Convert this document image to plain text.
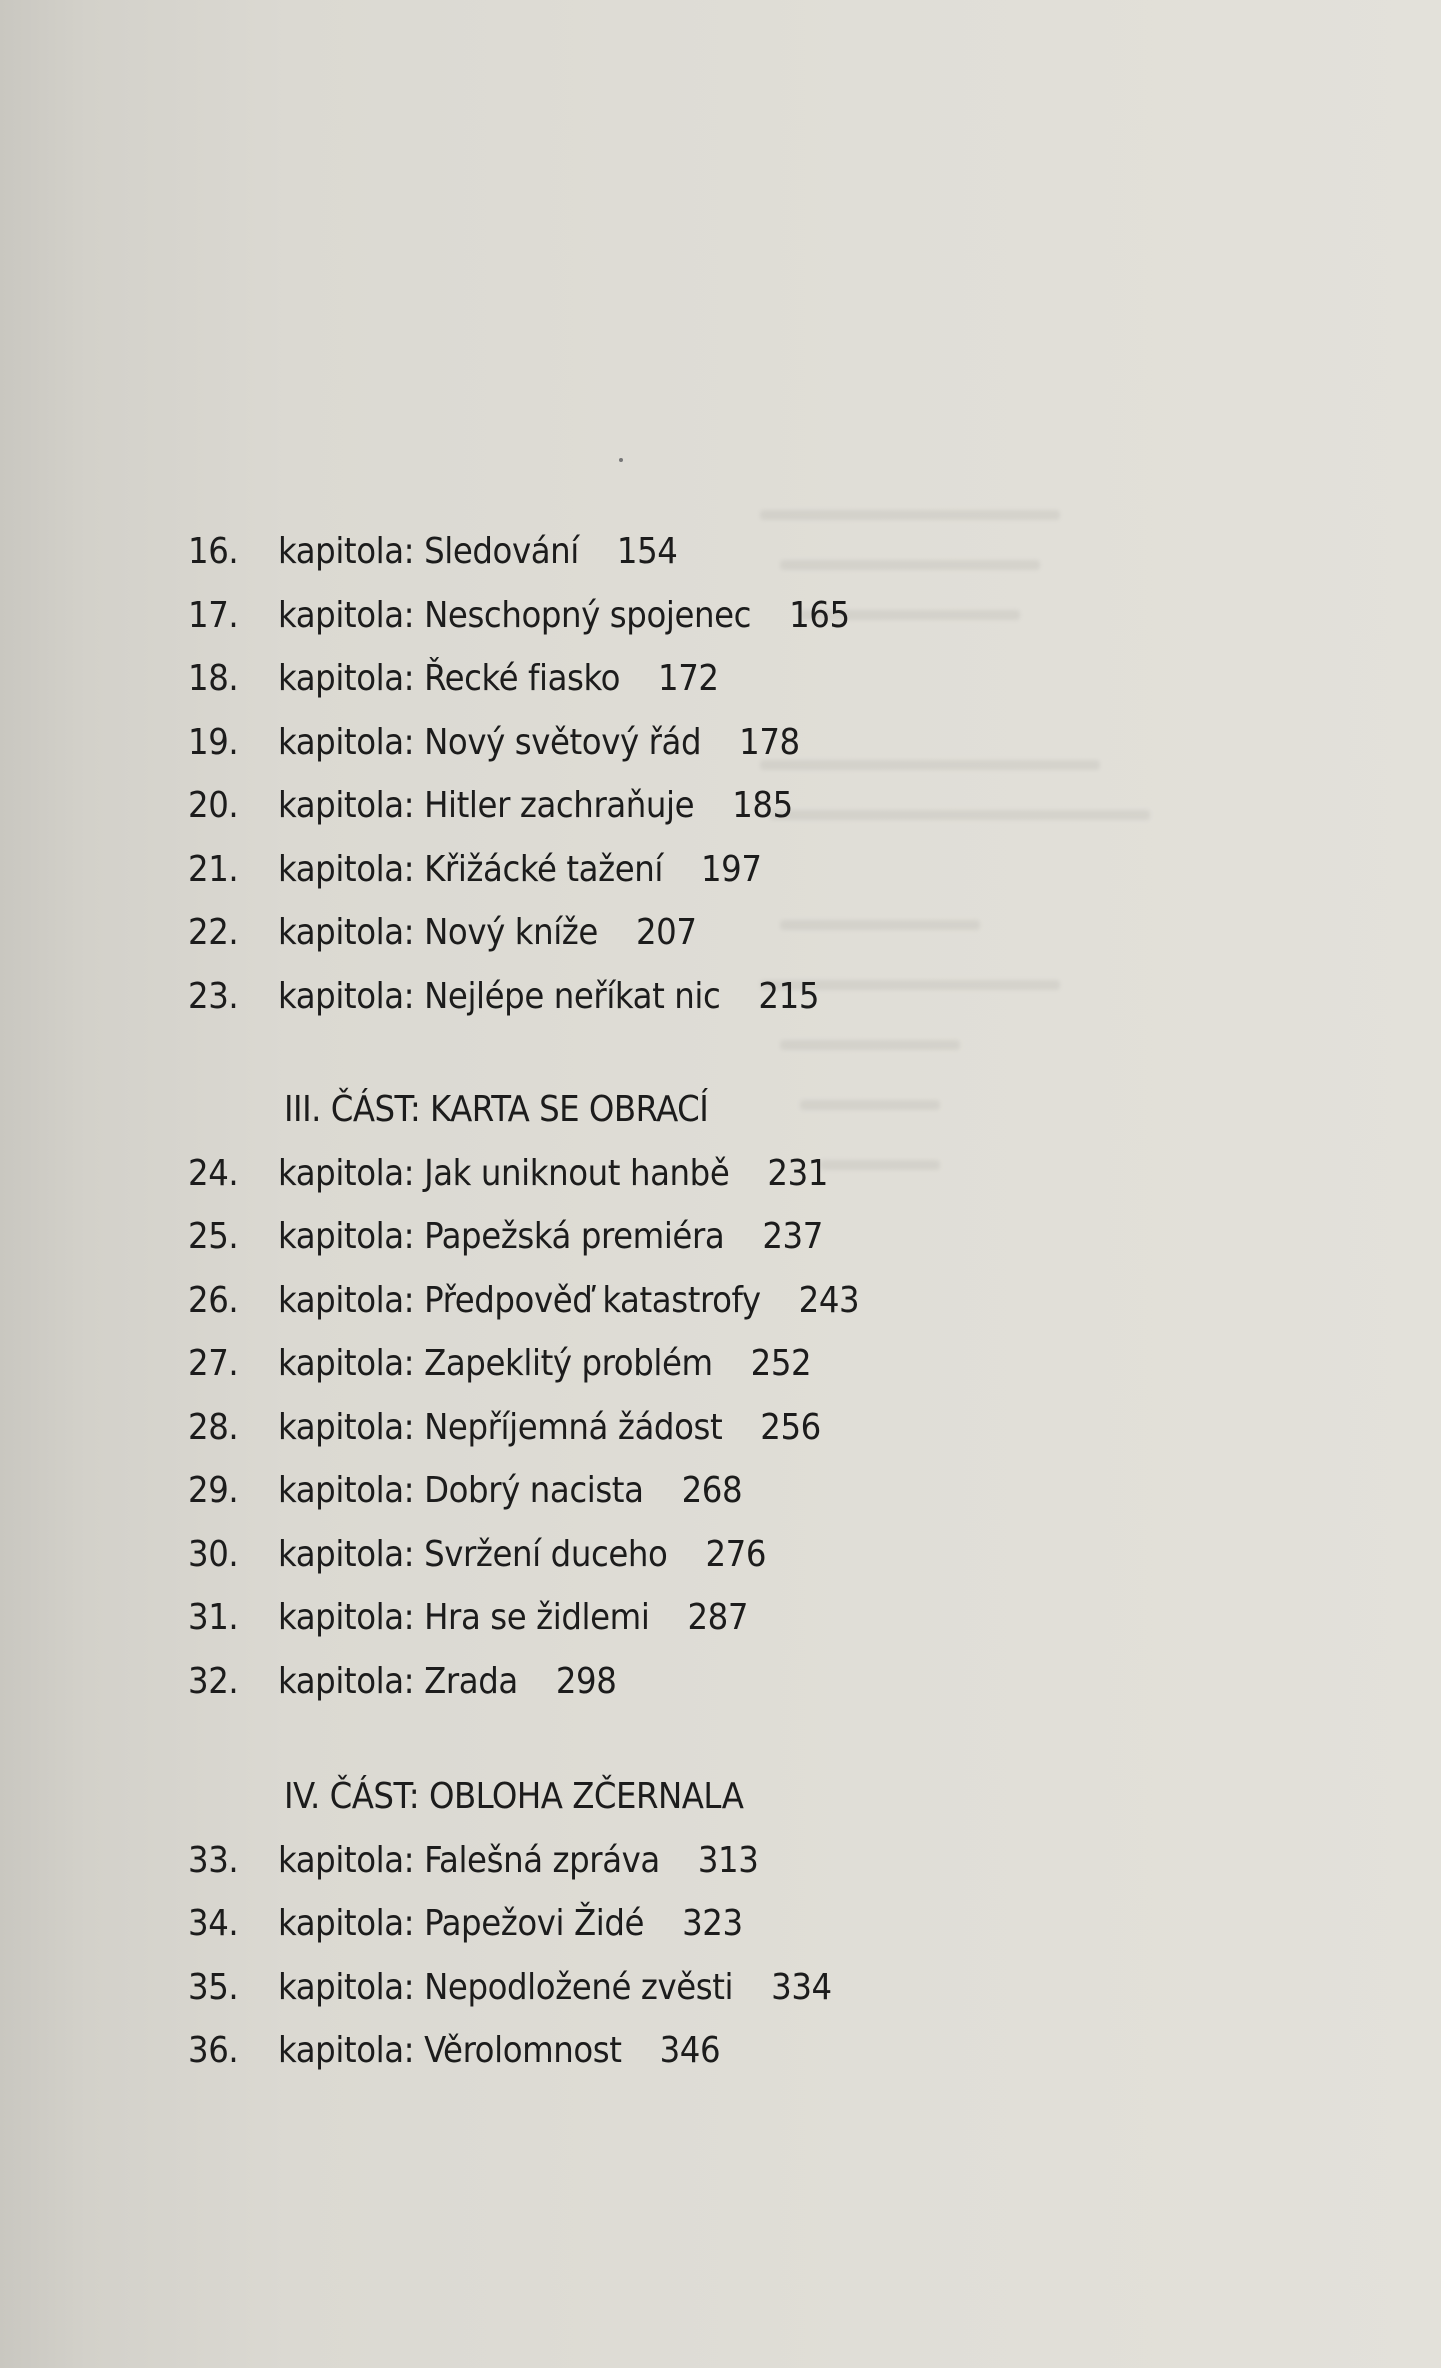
16.	kapitola: Sledování 154
17.	kapitola: Neschopný spojenec 165
18.	kapitola: Řecké fiasko 172
19.	kapitola: Nový světový řád 178
20.	kapitola: Hitler zachraňuje 185
21.	kapitola: Křižácké tažení 197
22.	kapitola: Nový kníže 207
23.	kapitola: Nejlépe neříkat nic 215
III. ČÁST: KARTA SE OBRACÍ
24.	kapitola: Jak uniknout hanbě 231
25.	kapitola: Papežská premiéra 237
26.	kapitola: Předpověď katastrofy 243
27.	kapitola: Zapeklitý problém 252
28.	kapitola: Nepříjemná žádost 256
29.	kapitola: Dobrý nacista 268
30.	kapitola: Svržení duceho 276
31.	kapitola: Hra se židlemi 287
32.	kapitola: Zrada 298
IV. ČÁST: OBLOHA ZČERNALA
33.	kapitola: Falešná zpráva 313
34.	kapitola: Papežovi Židé 323
35.	kapitola: Nepodložené zvěsti 334
36.	kapitola: Věrolomnost 346
